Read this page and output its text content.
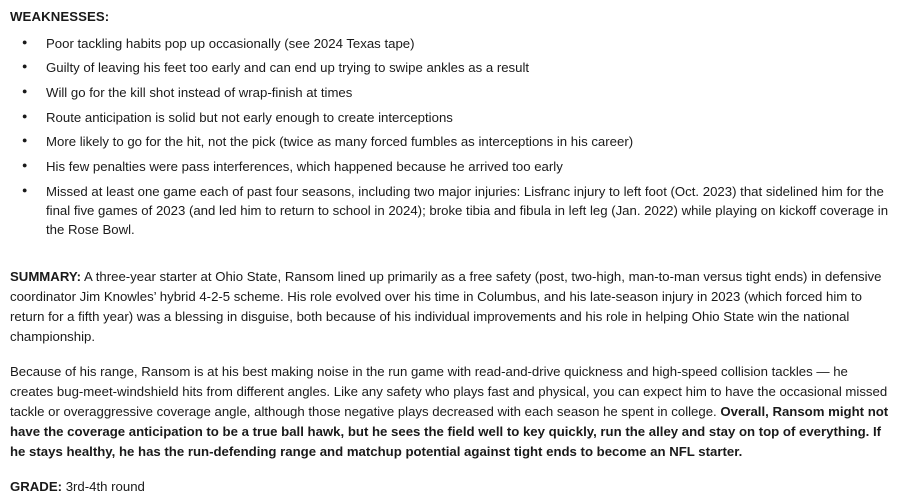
WEAKNESSES:
● Poor tackling habits pop up occasionally (see 2024 Texas tape)
● Guilty of leaving his feet too early and can end up trying to swipe ankles as a result
● Will go for the kill shot instead of wrap-finish at times
● Route anticipation is solid but not early enough to create interceptions
● More likely to go for the hit, not the pick (twice as many forced fumbles as interceptions in his career)
● His few penalties were pass interferences, which happened because he arrived too early
● Missed at least one game each of past four seasons, including two major injuries: Lisfranc injury to left foot (Oct. 2023) that sidelined him for the final five games of 2023 (and led him to return to school in 2024); broke tibia and fibula in left leg (Jan. 2022) while playing on kickoff coverage in the Rose Bowl.

SUMMARY: A three-year starter at Ohio State, Ransom lined up primarily as a free safety (post, two-high, man-to-man versus tight ends) in defensive coordinator Jim Knowles’ hybrid 4-2-5 scheme. His role evolved over his time in Columbus, and his late-season injury in 2023 (which forced him to return for a fifth year) was a blessing in disguise, both because of his individual improvements and his role in helping Ohio State win the national championship.

Because of his range, Ransom is at his best making noise in the run game with read-and-drive quickness and high-speed collision tackles — he creates bug-meet-windshield hits from different angles. Like any safety who plays fast and physical, you can expect him to have the occasional missed tackle or overaggressive coverage angle, although those negative plays decreased with each season he spent in college. Overall, Ransom might not have the coverage anticipation to be a true ball hawk, but he sees the field well to key quickly, run the alley and stay on top of everything. If he stays healthy, he has the run-defending range and matchup potential against tight ends to become an NFL starter.

GRADE: 3rd-4th round
